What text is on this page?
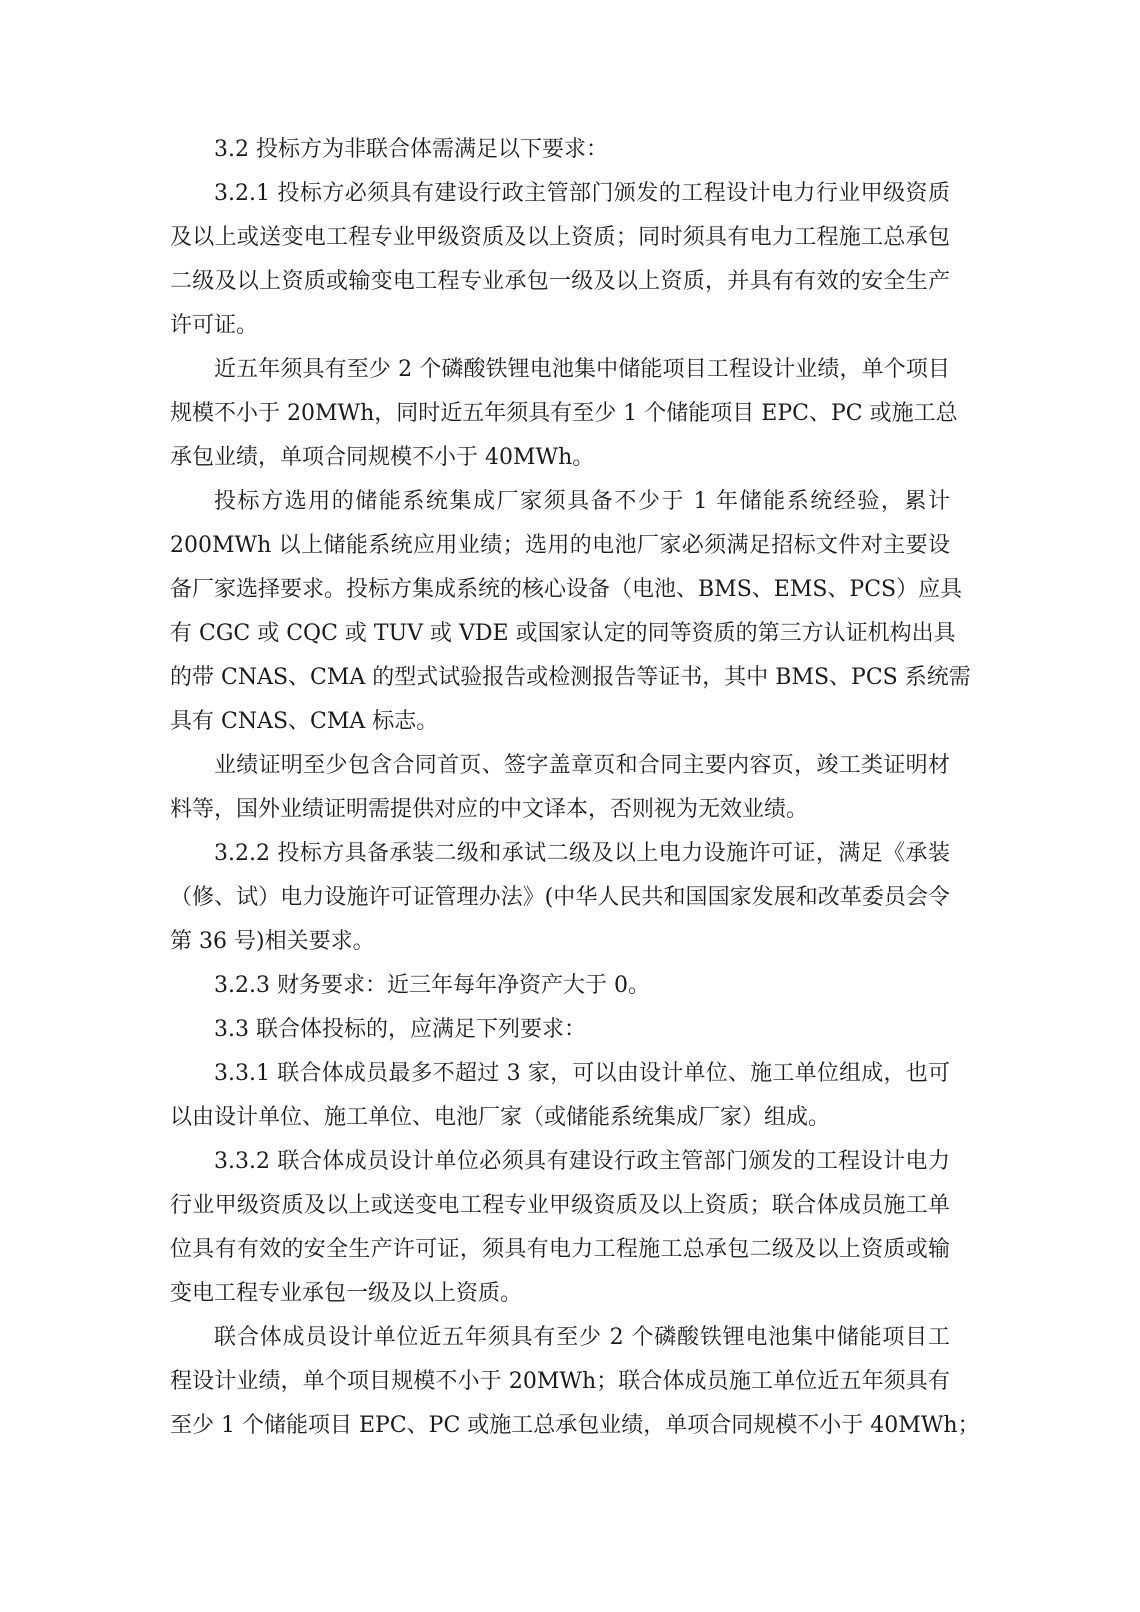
3.2 投标方为非联合体需满足以下要求：
3.2.1 投标方必须具有建设行政主管部门颁发的工程设计电力行业甲级资质
及以上或送变电工程专业甲级资质及以上资质；同时须具有电力工程施工总承包
二级及以上资质或输变电工程专业承包一级及以上资质，并具有有效的安全生产
许可证。
近五年须具有至少 2 个磷酸铁锂电池集中储能项目工程设计业绩，单个项目
规模不小于 20MWh，同时近五年须具有至少 1 个储能项目 EPC、PC 或施工总
承包业绩，单项合同规模不小于 40MWh。
投标方选用的储能系统集成厂家须具备不少于 1 年储能系统经验，累计
200MWh 以上储能系统应用业绩；选用的电池厂家必须满足招标文件对主要设
备厂家选择要求。投标方集成系统的核心设备（电池、BMS、EMS、PCS）应具
有 CGC 或 CQC 或 TUV 或 VDE 或国家认定的同等资质的第三方认证机构出具
的带 CNAS、CMA 的型式试验报告或检测报告等证书，其中 BMS、PCS 系统需
具有 CNAS、CMA 标志。
业绩证明至少包含合同首页、签字盖章页和合同主要内容页，竣工类证明材
料等，国外业绩证明需提供对应的中文译本，否则视为无效业绩。
3.2.2 投标方具备承装二级和承试二级及以上电力设施许可证，满足《承装
（修、试）电力设施许可证管理办法》(中华人民共和国国家发展和改革委员会令
第 36 号)相关要求。
3.2.3 财务要求：近三年每年净资产大于 0。
3.3 联合体投标的，应满足下列要求：
3.3.1 联合体成员最多不超过 3 家，可以由设计单位、施工单位组成，也可
以由设计单位、施工单位、电池厂家（或储能系统集成厂家）组成。
3.3.2 联合体成员设计单位必须具有建设行政主管部门颁发的工程设计电力
行业甲级资质及以上或送变电工程专业甲级资质及以上资质；联合体成员施工单
位具有有效的安全生产许可证，须具有电力工程施工总承包二级及以上资质或输
变电工程专业承包一级及以上资质。
联合体成员设计单位近五年须具有至少 2 个磷酸铁锂电池集中储能项目工
程设计业绩，单个项目规模不小于 20MWh；联合体成员施工单位近五年须具有
至少 1 个储能项目 EPC、PC 或施工总承包业绩，单项合同规模不小于 40MWh；
